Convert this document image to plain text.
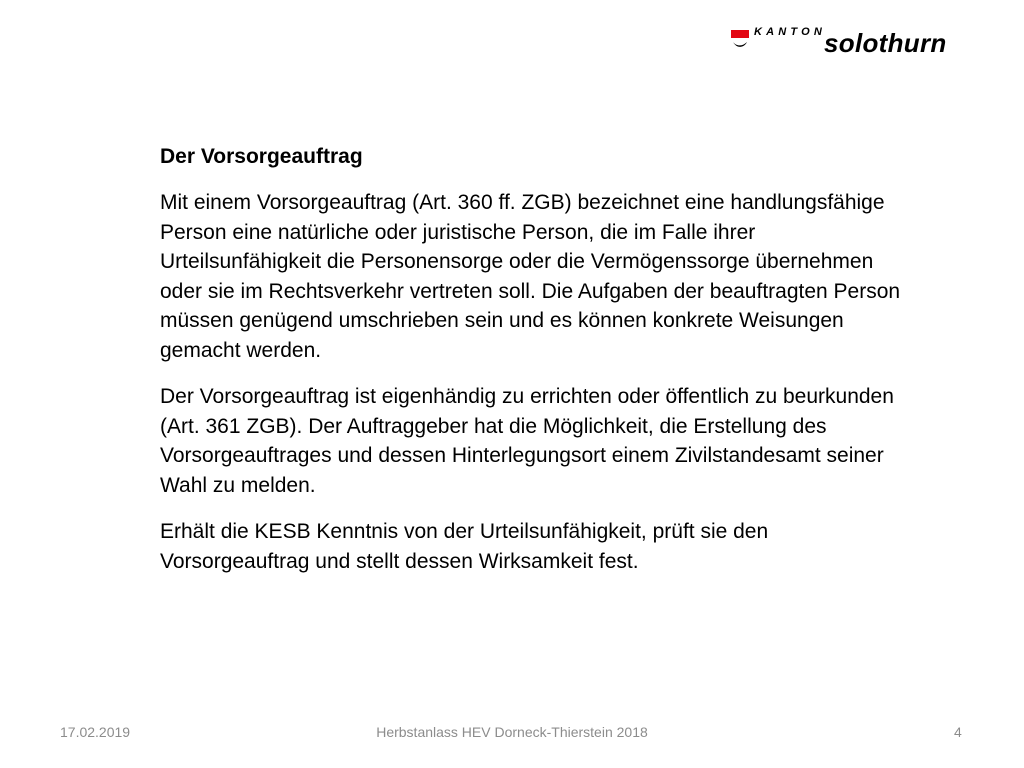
KANTON
solothurn
Der Vorsorgeauftrag

Mit einem Vorsorgeauftrag (Art. 360 ff. ZGB) bezeichnet eine handlungsfähige Person eine natürliche oder juristische Person, die im Falle ihrer Urteilsunfähigkeit die Personensorge oder die Vermögenssorge übernehmen oder sie im Rechtsverkehr vertreten soll. Die Aufgaben der beauftragten Person müssen genügend umschrieben sein und es können konkrete Weisungen gemacht werden.

Der Vorsorgeauftrag ist eigenhändig zu errichten oder öffentlich zu beurkunden (Art. 361 ZGB). Der Auftraggeber hat die Möglichkeit, die Erstellung des Vorsorgeauftrages und dessen Hinterlegungsort einem Zivilstandesamt seiner Wahl zu melden.

Erhält die KESB Kenntnis von der Urteilsunfähigkeit, prüft sie den Vorsorgeauftrag und stellt dessen Wirksamkeit fest.

17.02.2019	Herbstanlass HEV Dorneck-Thierstein 2018	4
